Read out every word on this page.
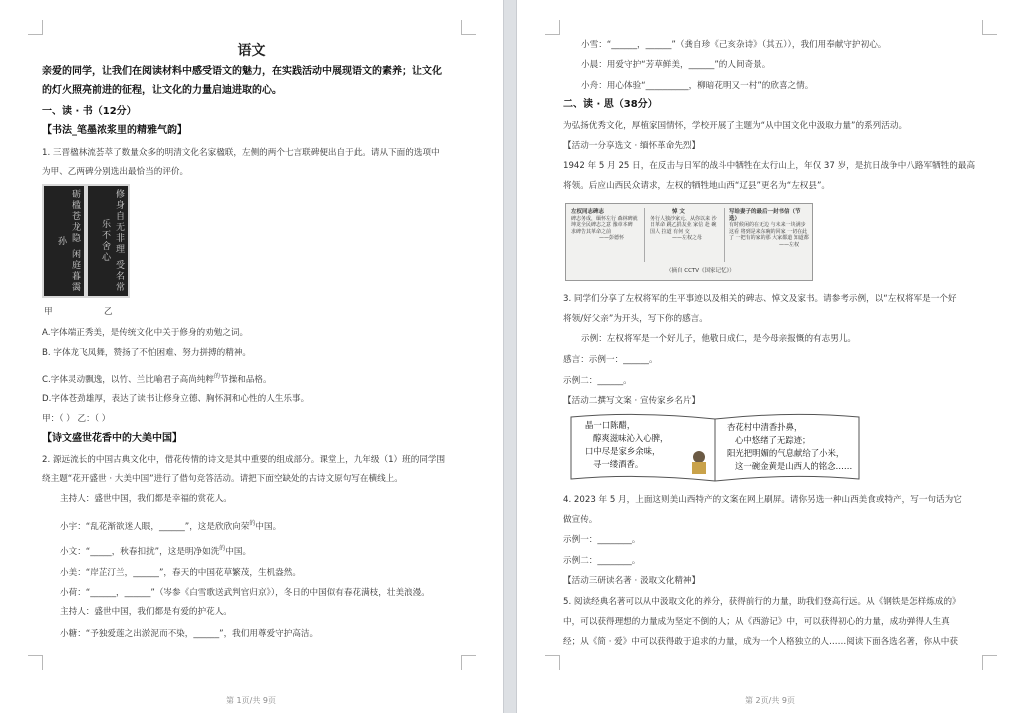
语文
亲爱的同学，让我们在阅读材料中感受语文的魅力，在实践活动中展现语文的素养；让文化
的灯火照亮前进的征程，让文化的力量启迪进取的心。
一、读 · 书（12分）
【书法_笔墨浓浆里的精雅气韵】
1. 三晋楹林流荟萃了数量众多的明清文化名家楹联，左侧的两个七言联碑便出自于此。请从下面的选项中
为甲、乙两碑分别选出最恰当的评价。
砺槛苍龙隐 闲庭暮霭孙	修身自无非理 受名常乐不舍心
甲	乙
A.字体端正秀美，是传统文化中关于修身的劝勉之词。
B. 字体龙飞凤舞，赞扬了不怕困难、努力拼搏的精神。
C.字体灵动飘逸，以竹、兰比喻君子高尚纯粹$^的$节操和品格。
D.字体苍劲雄厚，表达了读书让修身立德、胸怀洞和心性的人生乐事。
甲：（ ） 乙：（ ）
【诗文盛世花香中的大美中国】
2. 源远流长的中国古典文化中，借花传情的诗文是其中重要的组成部分。课堂上，九年级（1）班的同学围
绕主题“花开盛世 · 大美中国”进行了借句竞答活动。请把下面空缺处的古诗文原句写在横线上。
主持人：盛世中国，我们都是幸福的赏花人。
小宇：“乱花渐欲迷人眼，______”，这是欣欣向荣$^的$中国。
小文：“_____，秋春扣扰”，这是明净如洗$^的$中国。
小美：“岸芷汀兰，______”，春天的中国花草繁茂，生机盎然。
小荷：“______，______”（岑参《白雪歌送武判官归京》），冬日的中国似有春花满枝，壮美浪漫。
主持人：盛世中国，我们都是有爱的护花人。
小糖：“予独爱莲之出淤泥而不染，______”，我们用尊爱守护高洁。
第 1页/共 9页
小雪：“______，______”（龚自珍《己亥杂诗》（其五）），我们用奉献守护初心。
小晨：用爱守护“芳草鲜美，______”的人间奇景。
小舟：用心体验“__________，柳暗花明又一村”的欣喜之情。
二、读 · 思（38分）
为弘扬优秀文化，厚植家国情怀，学校开展了主题为“从中国文化中汲取力量”的系列活动。
【活动一分享选文 · 缅怀革命先烈】
1942 年 5 月 25 日，在反击与日军的战斗中牺牲在太行山上，年仅 37 岁，是抗日战争中八路军牺牲的最高
将领。后应山西民众请求，左权的牺牲地山西“辽县”更名为“左权县”。
左权同志碑志
碑志务成，缅怀左行 森林碑就 坤龙全民碑志之意 豫章本碑 求碑告其革命之前
——彭德怀
悼 文
务行人独沙家元、从你以来 沙日革命 跳乙捐友业 家信 赴 碗国人 拉道 有何 交
——左权之母
写给妻子的最后一封书信（节选）
有时候闲的在无边 与未来一块满步 这看 将到是来东碗的回家 一切在此了 一把有的家的那 大家都道 知道都
——左权
（摘自 CCTV《国家记忆》）
3. 同学们分享了左权将军的生平事迹以及相关的碑志、悼文及家书。请参考示例，以“左权将军是一个好
将领/好父亲”为开头，写下你的感言。
示例：左权将军是一个好儿子，他敬日成仁，是今母亲报慨的有志男儿。
感言：示例一：______。
示例二：______。
【活动二撰写文案 · 宣传家乡名片】
晶一口陈醋，
醇爽滋味沁入心脾，
口中尽是家乡余味，
寻一缕酒香。
杏花村中清香扑鼻，
心中悠绪了无踪迹；
阳光把明媚的气息献给了小米，
这一碗金黄是山西人的铭念……
4. 2023 年 5 月，上面这则美山西特产的文案在网上刷屏。请你另选一种山西美食或特产，写一句话为它
做宣传。
示例一：________。
示例二：________。
【活动三研读名著 · 汲取文化精神】
5. 阅读经典名著可以从中汲取文化的养分，获得前行的力量，助我们登高行远。从《钢铁是怎样炼成的》
中，可以获得理想的力量成为坚定不倒的人；从《西游记》中，可以获得初心的力量，成功弹得人生真
经；从《简 · 爱》中可以获得敢于追求的力量，成为一个人格独立的人……阅读下面各选名著，你从中获
第 2页/共 9页
